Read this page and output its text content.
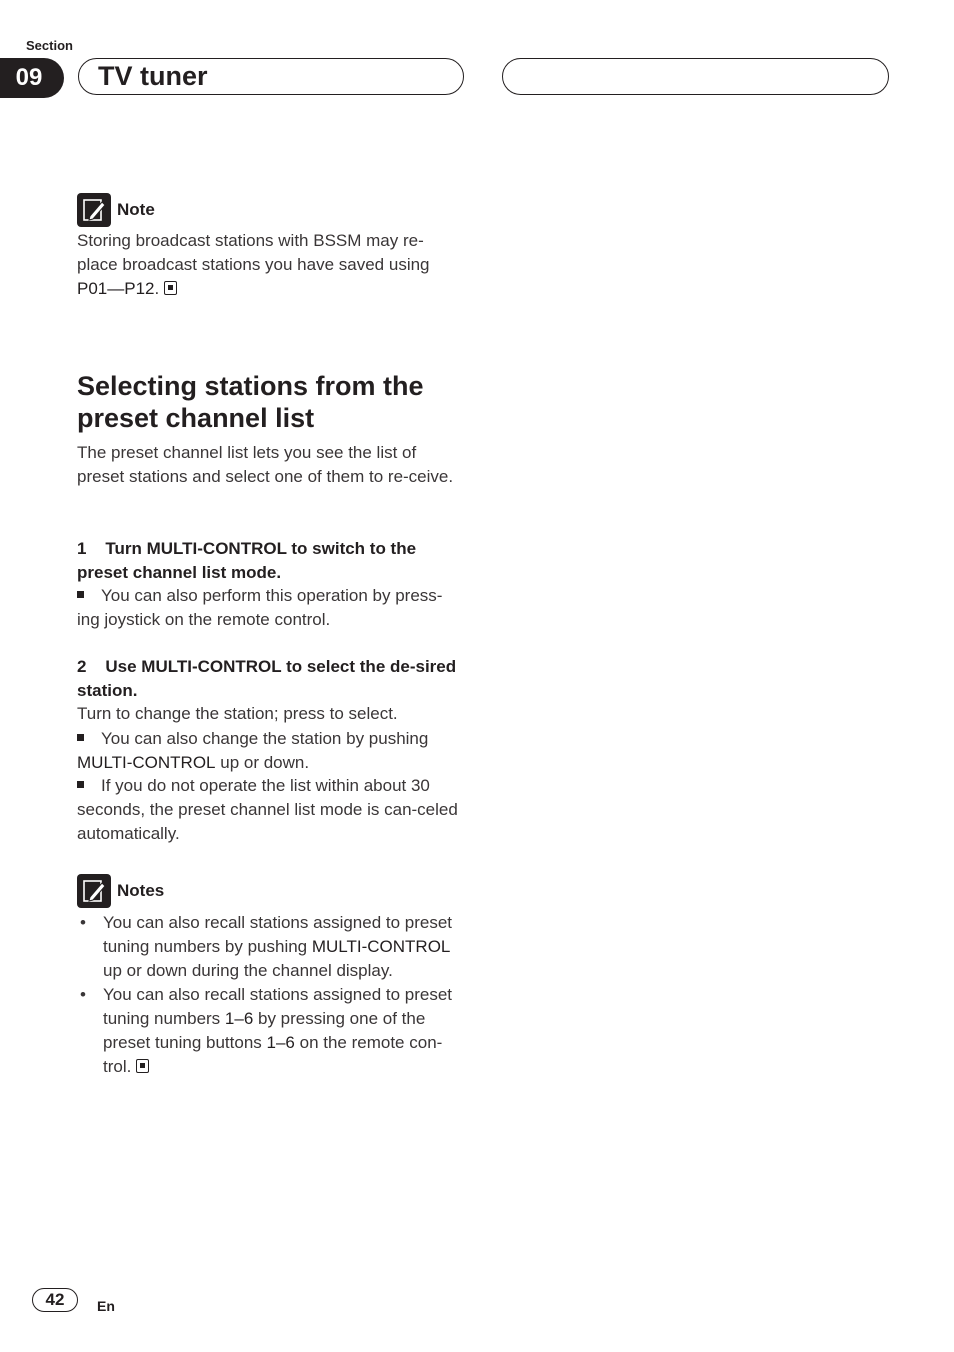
Section
09	TV tuner
Note
Storing broadcast stations with BSSM may re-place broadcast stations you have saved using P01—P12.
Selecting stations from the preset channel list
The preset channel list lets you see the list of preset stations and select one of them to re-ceive.
1 Turn MULTI-CONTROL to switch to the preset channel list mode.
You can also perform this operation by press-ing joystick on the remote control.
2 Use MULTI-CONTROL to select the de-sired station.
Turn to change the station; press to select.
You can also change the station by pushing MULTI-CONTROL up or down.
If you do not operate the list within about 30 seconds, the preset channel list mode is can-celed automatically.
Notes
• You can also recall stations assigned to preset tuning numbers by pushing MULTI-CONTROL up or down during the channel display.
• You can also recall stations assigned to preset tuning numbers 1–6 by pressing one of the preset tuning buttons 1–6 on the remote con-trol.
42	En
